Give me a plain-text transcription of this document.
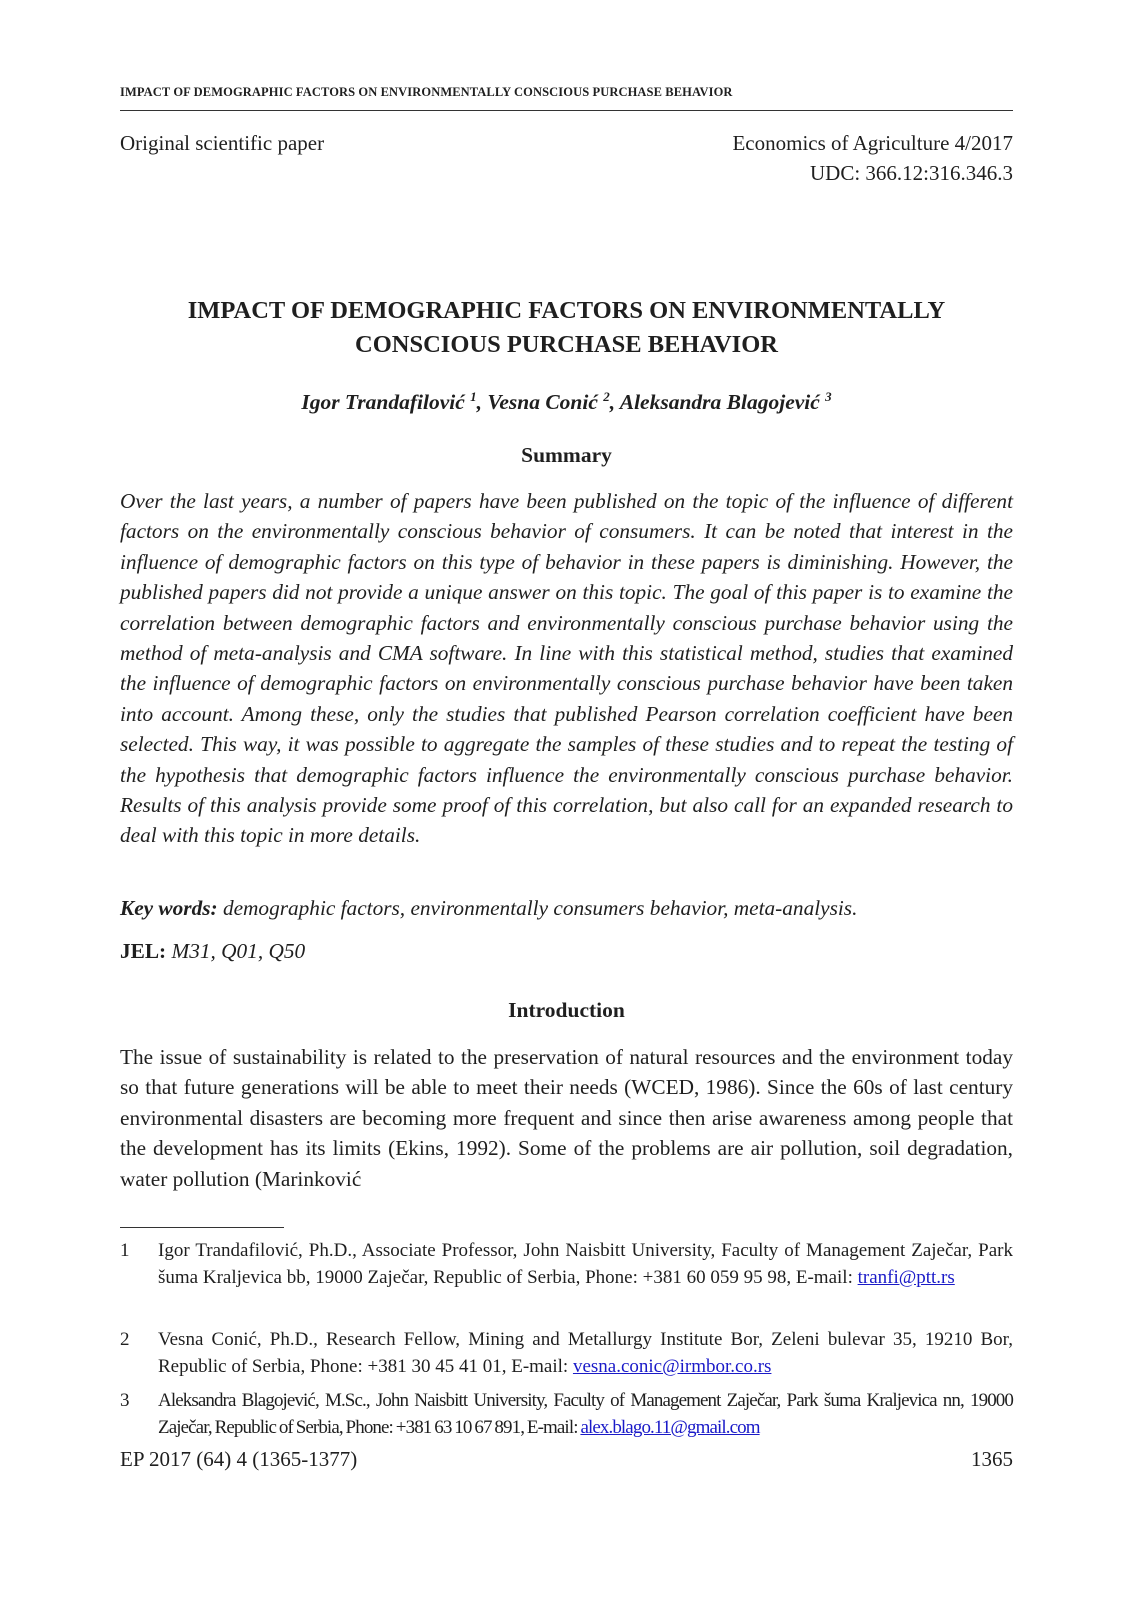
IMPACT OF DEMOGRAPHIC FACTORS ON ENVIRONMENTALLY CONSCIOUS PURCHASE BEHAVIOR
Original scientific paper	Economics of Agriculture 4/2017
UDC: 366.12:316.346.3
IMPACT OF DEMOGRAPHIC FACTORS ON ENVIRONMENTALLY
CONSCIOUS PURCHASE BEHAVIOR
Igor Trandafilović $^1$, Vesna Conić $^2$, Aleksandra Blagojević $^3$
Summary

Over the last years, a number of papers have been published on the topic of the influence of different factors on the environmentally conscious behavior of consumers. It can be noted that interest in the influence of demographic factors on this type of behavior in these papers is diminishing. However, the published papers did not provide a unique answer on this topic. The goal of this paper is to examine the correlation between demographic factors and environmentally conscious purchase behavior using the method of meta-analysis and CMA software. In line with this statistical method, studies that examined the influence of demographic factors on environmentally conscious purchase behavior have been taken into account. Among these, only the studies that published Pearson correlation coefficient have been selected. This way, it was possible to aggregate the samples of these studies and to repeat the testing of the hypothesis that demographic factors influence the environmentally conscious purchase behavior. Results of this analysis provide some proof of this correlation, but also call for an expanded research to deal with this topic in more details.

Key words: demographic factors, environmentally consumers behavior, meta-analysis.
JEL: M31, Q01, Q50
Introduction

The issue of sustainability is related to the preservation of natural resources and the environment today so that future generations will be able to meet their needs (WCED, 1986). Since the 60s of last century environmental disasters are becoming more frequent and since then arise awareness among people that the development has its limits (Ekins, 1992). Some of the problems are air pollution, soil degradation, water pollution (Marinković

1 Igor Trandafilović, Ph.D., Associate Professor, John Naisbitt University, Faculty of Management Zaječar, Park šuma Kraljevica bb, 19000 Zaječar, Republic of Serbia, Phone: +381 60 059 95 98, E-mail: tranfi@ptt.rs
2 Vesna Conić, Ph.D., Research Fellow, Mining and Metallurgy Institute Bor, Zeleni bulevar 35, 19210 Bor, Republic of Serbia, Phone: +381 30 45 41 01, E-mail: vesna.conic@irmbor.co.rs
3 Aleksandra Blagojević, M.Sc., John Naisbitt University, Faculty of Management Zaječar, Park šuma Kraljevica nn, 19000 Zaječar, Republic of Serbia, Phone: +381 63 10 67 891, E-mail: alex.blago.11@gmail.com
EP 2017 (64) 4 (1365-1377)	1365
